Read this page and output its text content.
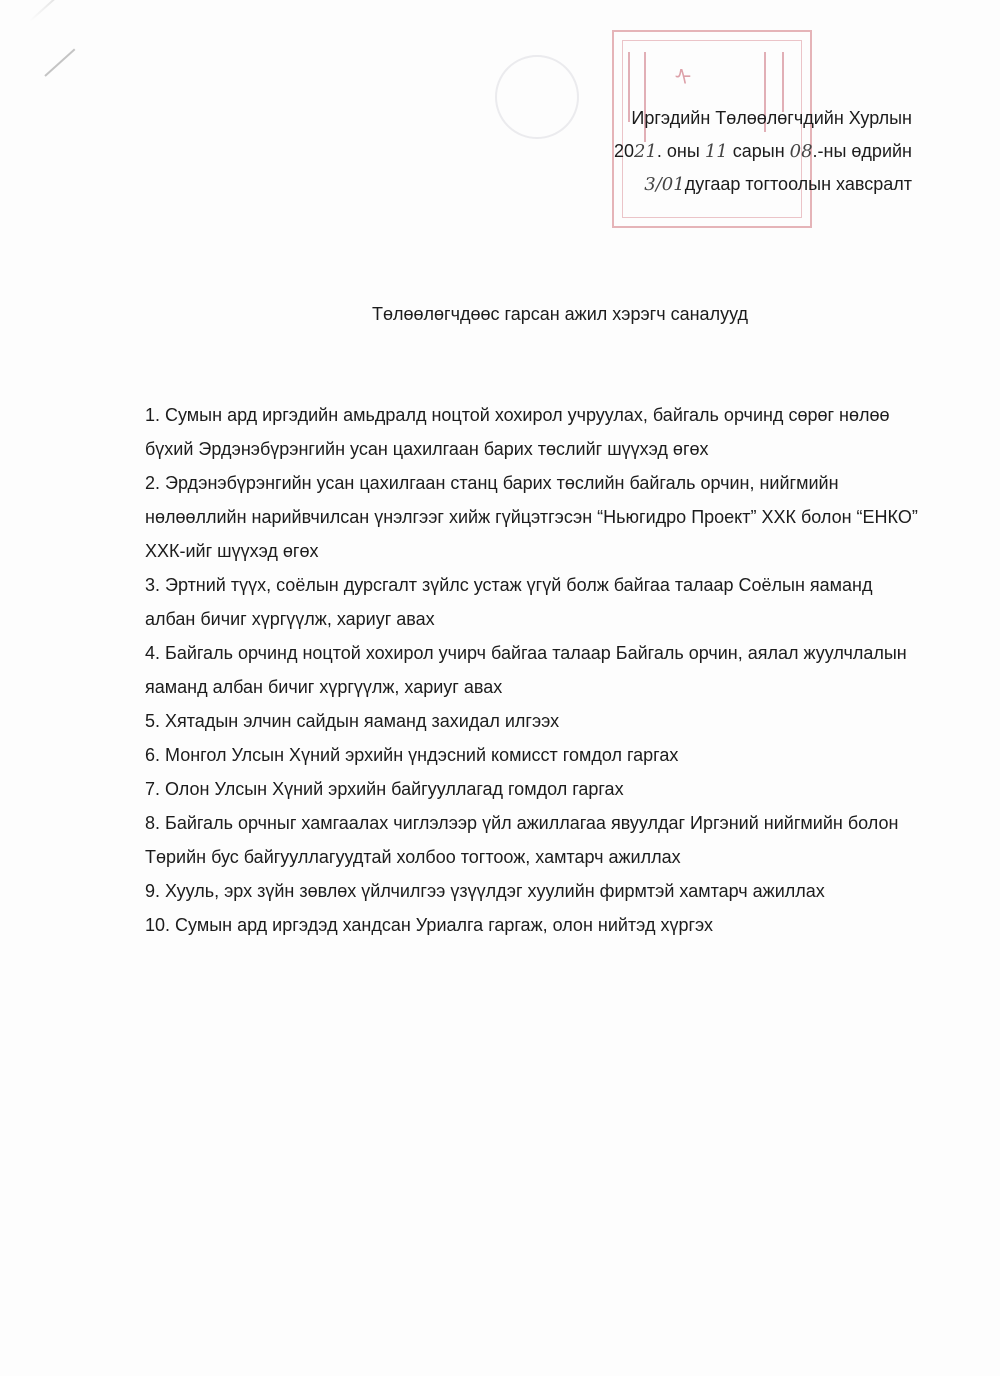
ᠰ
Иргэдийн Төлөөлөгчдийн Хурлын
2021. оны 11 сарын 08.-ны өдрийн
3/01дугаар тогтоолын хавсралт
Төлөөлөгчдөөс гарсан ажил хэрэгч саналууд
1. Сумын ард иргэдийн амьдралд ноцтой хохирол учруулах, байгаль орчинд сөрөг нөлөө бүхий Эрдэнэбүрэнгийн усан цахилгаан барих төслийг шүүхэд өгөх
2. Эрдэнэбүрэнгийн усан цахилгаан станц барих төслийн байгаль орчин, нийгмийн нөлөөллийн нарийвчилсан үнэлгээг хийж гүйцэтгэсэн “Ньюгидро Проект” ХХК болон “ЕНКО” ХХК-ийг шүүхэд өгөх
3. Эртний түүх, соёлын дурсгалт зүйлс устаж үгүй болж байгаа талаар Соёлын яаманд албан бичиг хүргүүлж, хариуг авах
4. Байгаль орчинд ноцтой хохирол учирч байгаа талаар Байгаль орчин, аялал жуулчлалын яаманд албан бичиг хүргүүлж, хариуг авах
5. Хятадын элчин сайдын яаманд захидал илгээх
6. Монгол Улсын Хүний эрхийн үндэсний комисст гомдол гаргах
7. Олон Улсын Хүний эрхийн байгууллагад гомдол гаргах
8. Байгаль орчныг хамгаалах чиглэлээр үйл ажиллагаа явуулдаг Иргэний нийгмийн болон Төрийн бус байгууллагуудтай холбоо тогтоож, хамтарч ажиллах
9. Хууль, эрх зүйн зөвлөх үйлчилгээ үзүүлдэг хуулийн фирмтэй хамтарч ажиллах
10. Сумын ард иргэдэд хандсан Уриалга гаргаж, олон нийтэд хүргэх
